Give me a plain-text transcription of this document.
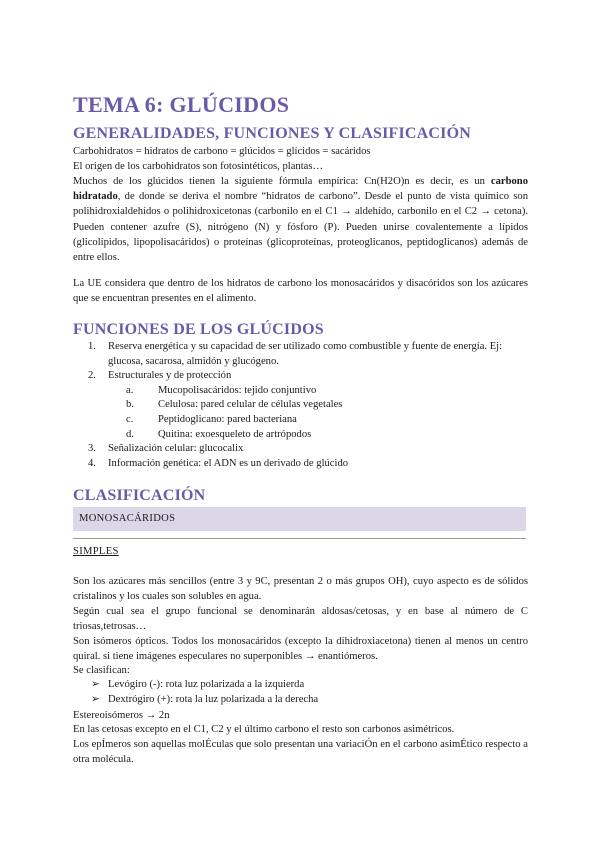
TEMA 6: GLÚCIDOS
GENERALIDADES, FUNCIONES Y CLASIFICACIÓN

Carbohidratos = hidratos de carbono = glúcidos = glícidos = sacáridos

El origen de los carbohidratos son fotosintéticos, plantas…

Muchos de los glúcidos tienen la siguiente fórmula empírica: Cn(H2O)n es decir, es un carbono hidratado, de donde se deriva el nombre “hidratos de carbono”. Desde el punto de vista químico son polihidroxialdehídos o polihidroxicetonas (carbonilo en el C1 → aldehído, carbonilo en el C2 → cetona). Pueden contener azufre (S), nitrógeno (N) y fósforo (P). Pueden unirse covalentemente a lípidos (glicolípidos, lipopolisacáridos) o proteínas (glicoproteínas, proteoglicanos, peptidoglicanos) además de entre ellos.

La UE considera que dentro de los hidratos de carbono los monosacáridos y disacóridos son los azúcares que se encuentran presentes en el alimento.

FUNCIONES DE LOS GLÚCIDOS
1. Reserva energética y su capacidad de ser utilizado como combustible y fuente de energía. Ej: glucosa, sacarosa, almidón y glucógeno.
2. Estructurales y de protección
a. Mucopolisacáridos: tejido conjuntivo
b. Celulosa: pared celular de células vegetales
c. Peptidoglicano: pared bacteriana
d. Quitina: exoesqueleto de artrópodos
3. Señalización celular: glucocalix
4. Información genética: el ADN es un derivado de glúcido
CLASIFICACIÓN
MONOSACÁRIDOS
SIMPLES

Son los azúcares más sencillos (entre 3 y 9C, presentan 2 o más grupos OH), cuyo aspecto es de sólidos cristalinos y los cuales son solubles en agua.

Según cual sea el grupo funcional se denominarán aldosas/cetosas, y en base al número de C triosas,tetrosas…

Son isómeros ópticos. Todos los monosacáridos (excepto la dihidroxiacetona) tienen al menos un centro quiral. si tiene imágenes especulares no superponibles → enantiómeros.

Se clasifican:

➢ Levógiro (-): rota luz polarizada a la izquierda
➢ Dextrógiro (+): rota la luz polarizada a la derecha

Estereoisómeros → 2n

En las cetosas excepto en el C1, C2 y el último carbono el resto son carbonos asimétricos.

Los epÍmeros son aquellas molÉculas que solo presentan una variaciÓn en el carbono asimÉtico respecto a otra molécula.
